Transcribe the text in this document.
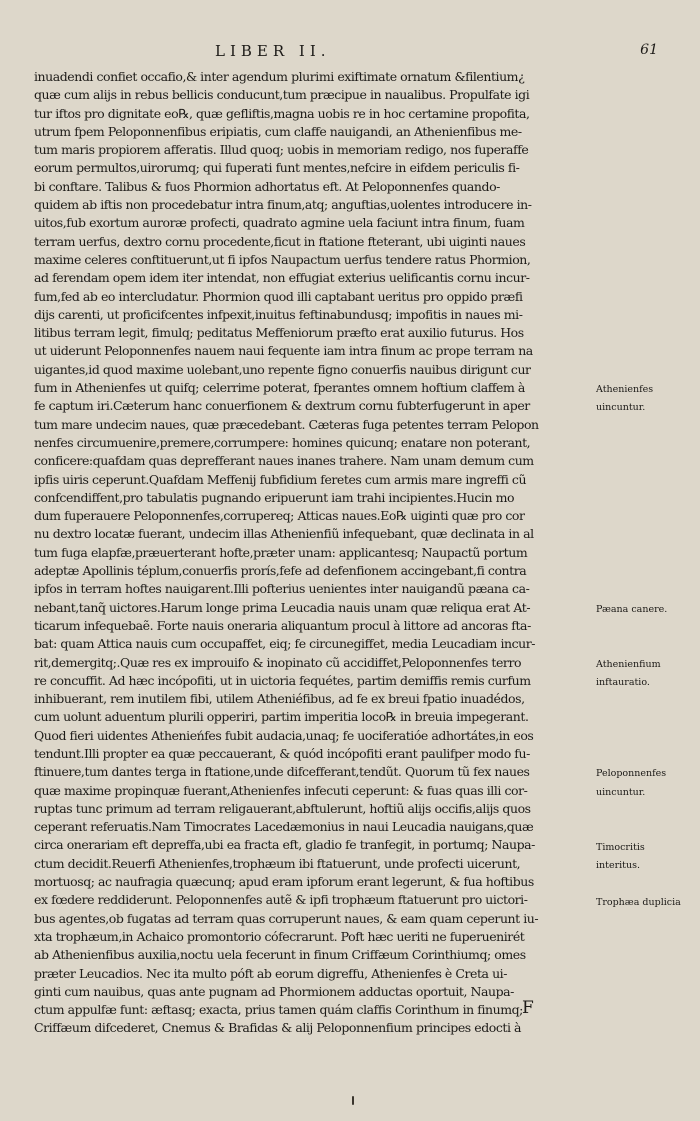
LIBER II.	61
inuadendi confiet occafio,& inter agendum plurimi exiftimate ornatum &filentium¿
quæ cum alijs in rebus bellicis conducunt,tum præcipue in naualibus. Propulfate igi
tur iftos pro dignitate eo℞, quæ gefliftis,magna uobis re in hoc certamine propofita,
utrum fpem Peloponnenfibus eripiatis, cum claffe nauigandi, an Athenienfibus me-
tum maris propiorem afferatis. Illud quoq; uobis in memoriam redigo, nos fuperaffe
eorum permultos,uirorumq; qui fuperati funt mentes,nefcire in eifdem periculis fi-
bi conftare. Talibus & fuos Phormion adhortatus eft. At Peloponnenfes quando-
quidem ab iftis non procedebatur intra finum,atq; anguftias,uolentes introducere in-
uitos,fub exortum auroræ profecti, quadrato agmine uela faciunt intra finum, fuam
terram uerfus, dextro cornu procedente,ficut in ftatione fteterant, ubi uiginti naues
maxime celeres conftituerunt,ut fi ipfos Naupactum uerfus tendere ratus Phormion,
ad ferendam opem idem iter intendat, non effugiat exterius uelificantis cornu incur-
fum,fed ab eo intercludatur. Phormion quod illi captabant ueritus pro oppido præfi
dijs carenti, ut proficifcentes infpexit,inuitus feftinabundusq; impofitis in naues mi-
litibus terram legit, fimulq; peditatus Meffeniorum præfto erat auxilio futurus. Hos
ut uiderunt Peloponnenfes nauem naui fequente iam intra finum ac prope terram na
uigantes,id quod maxime uolebant,uno repente figno conuerfis nauibus dirigunt cur
fum in Athenienfes ut quifq; celerrime poterat, fperantes omnem hoftium claffem à
fe captum iri.Cæterum hanc conuerfionem & dextrum cornu fubterfugerunt in aper
tum mare undecim naues, quæ præcedebant. Cæteras fuga petentes terram Pelopon
nenfes circumuenire,premere,corrumpere: homines quicunq; enatare non poterant,
conficere:quafdam quas deprefferant naues inanes trahere. Nam unam demum cum
ipfis uiris ceperunt.Quafdam Meffenij fubfidium feretes cum armis mare ingreffi cũ
confcendiffent,pro tabulatis pugnando eripuerunt iam trahi incipientes.Hucin mo
dum fuperauere Peloponnenfes,corrupereq; Atticas naues.Eo℞ uiginti quæ pro cor
nu dextro locatæ fuerant, undecim illas Athenienfiũ infequebant, quæ declinata in al
tum fuga elapfæ,præuerterant hofte,præter unam: applicantesq; Naupactũ portum
adeptæ Apollinis téplum,conuerfis prorís,fefe ad defenfionem accingebant,fi contra
ipfos in terram hoftes nauigarent.Illi pofterius uenientes inter nauigandũ pæana ca-
nebant,tanq̃ uictores.Harum longe prima Leucadia nauis unam quæ reliqua erat At-
ticarum infequebaẽ. Forte nauis oneraria aliquantum procul à littore ad ancoras fta-
bat: quam Attica nauis cum occupaffet, eiq; fe circunegiffet, media Leucadiam incur-
rit,demergitq;.Quæ res ex improuifo & inopinato cũ accidiffet,Peloponnenfes terro
re concuffit. Ad hæc incópofiti, ut in uictoria fequétes, partim demiffis remis curfum
inhibuerant, rem inutilem fibi, utilem Atheniéfibus, ad fe ex breui fpatio inuadédos,
cum uolunt aduentum plurili opperiri, partim imperitia loco℞ in breuia impegerant.
Quod fieri uidentes Athenieńfes fubit audacia,unaq; fe uociferatióe adhortátes,in eos
tendunt.Illi propter ea quæ peccauerant, & quód incópofiti erant paulifper modo fu-
ftinuere,tum dantes terga in ftatione,unde difcefferant,tendũt. Quorum tũ fex naues
quæ maxime propinquæ fuerant,Athenienfes infecuti ceperunt: & fuas quas illi cor-
ruptas tunc primum ad terram religauerant,abftulerunt, hoftiũ alijs occifis,alijs quos
ceperant referuatis.Nam Timocrates Lacedæmonius in naui Leucadia nauigans,quæ
circa onerariam eft depreffa,ubi ea fracta eft, gladio fe tranfegit, in portumq; Naupa-
ctum decidit.Reuerfi Athenienfes,trophæum ibi ftatuerunt, unde profecti uicerunt,
mortuosq; ac naufragia quæcunq; apud eram ipforum erant legerunt, & fua hoftibus
ex fœdere reddiderunt. Peloponnenfes autẽ & ipfi trophæum ftatuerunt pro uictori-
bus agentes,ob fugatas ad terram quas corruperunt naues, & eam quam ceperunt iu-
xta trophæum,in Achaico promontorio cófecrarunt. Poft hæc ueriti ne fuperuenirét
ab Athenienfibus auxilia,noctu uela fecerunt in finum Criffæum Corinthiumq; omes
præter Leucadios. Nec ita multo póft ab eorum digreffu, Athenienfes è Creta ui-
ginti cum nauibus, quas ante pugnam ad Phormionem adductas oportuit, Naupa-
ctum appulfæ funt: æftasq; exacta, prius tamen quám claffis Corinthum in finumq;
Criffæum difcederet, Cnemus & Brafidas & alij Peloponnenfium principes edocti à
Athenienfes
uincuntur.
Pæana canere.
Athenienfium
inftauratio.
Peloponnenfes
uincuntur.
Timocritis
interitus.
Trophæa duplicia
F
